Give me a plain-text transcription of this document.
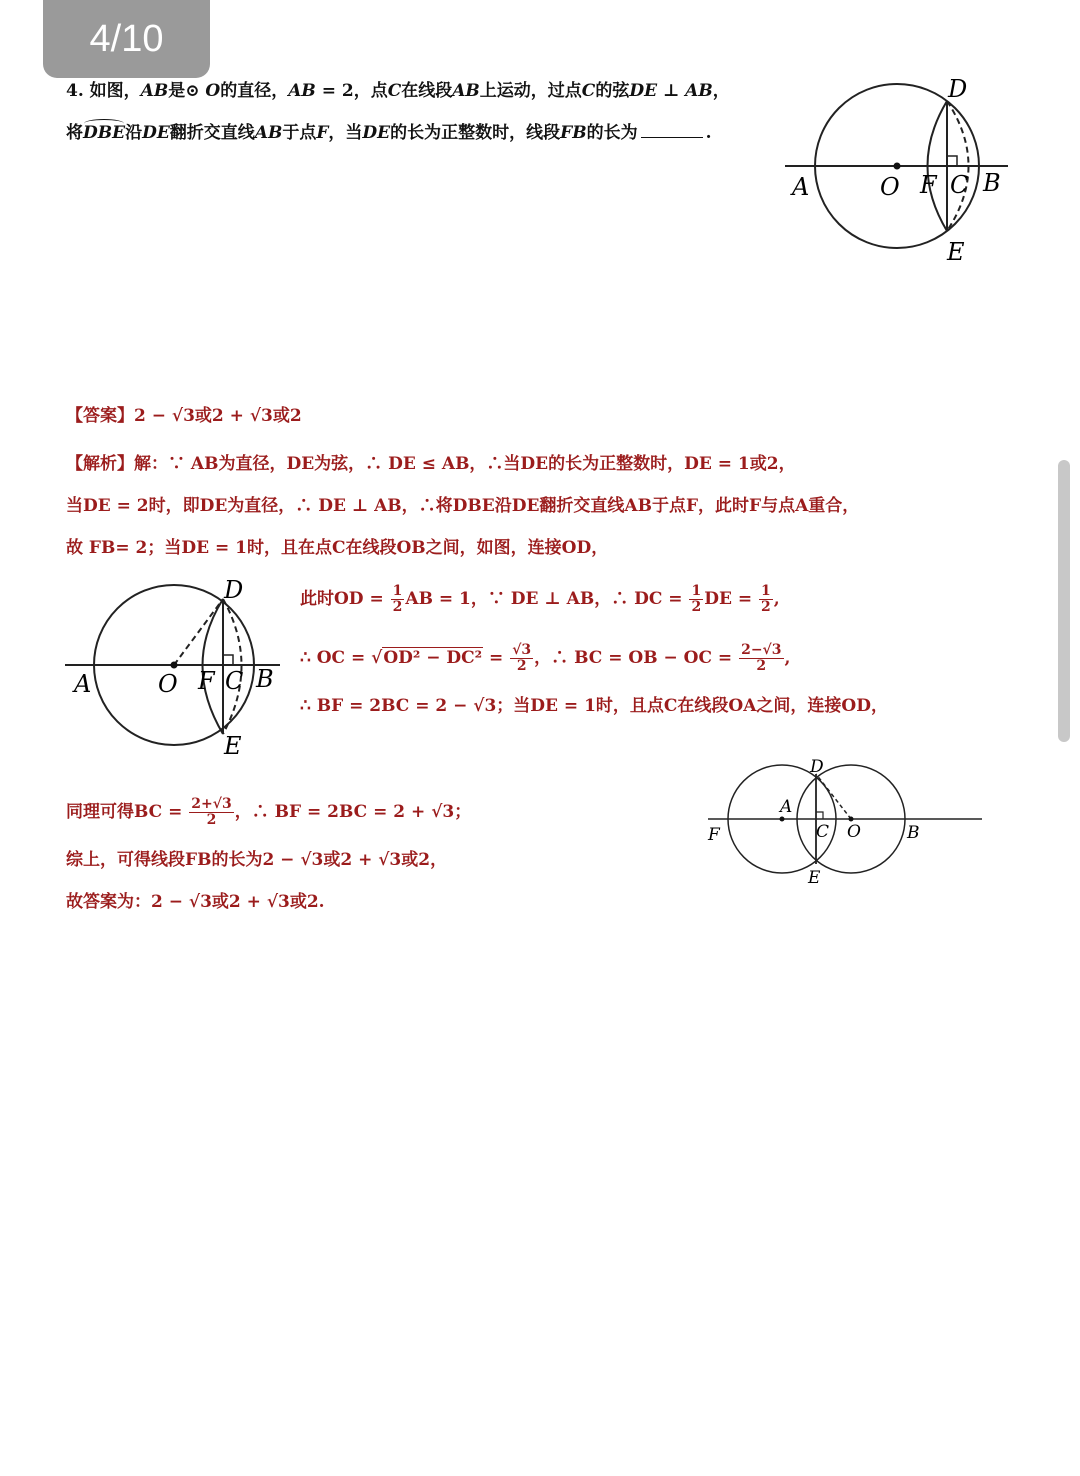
4/10
4. 如图，AB是⊙ O的直径，AB = 2，点C在线段AB上运动，过点C的弦DE ⊥ AB，
将DBE沿DE翻折交直线AB于点F，当DE的长为正整数时，线段FB的长为	.
A	O F C B
D
E
【答案】2 − √3或2 + √3或2
【解析】解：∵ AB为直径，DE为弦，∴ DE ≤ AB，∴当DE的长为正整数时，DE = 1或2，
当DE = 2时，即DE为直径，∴ DE ⊥ AB，∴将DBE沿DE翻折交直线AB于点F，此时F与点A重合，
故 FB= 2；当DE = 1时，且在点C在线段OB之间，如图，连接OD，
A	O F C B
D
E
此时OD = $\frac{1}{2}$ AB = 1，∵ DE ⊥ AB，∴ DC = $\frac{1}{2}$ DE = $\frac{1}{2}$ ,
∴ OC = $√OD^2 - DC^2 = \frac{√3}{2}$ ，∴ BC = OB − OC = $\frac{2-√3}{2}$ ,
∴ BF = 2BC = 2 − √3；当DE = 1时，且点C在线段OA之间，连接OD，
F
A
C O	B
D
E
同理可得BC = $\frac{2+√3}{2}$ ，∴ BF = 2BC = 2 + √3；
综上，可得线段FB的长为2 − √3或2 + √3或2，
故答案为：2 − √3或2 + √3或2.
